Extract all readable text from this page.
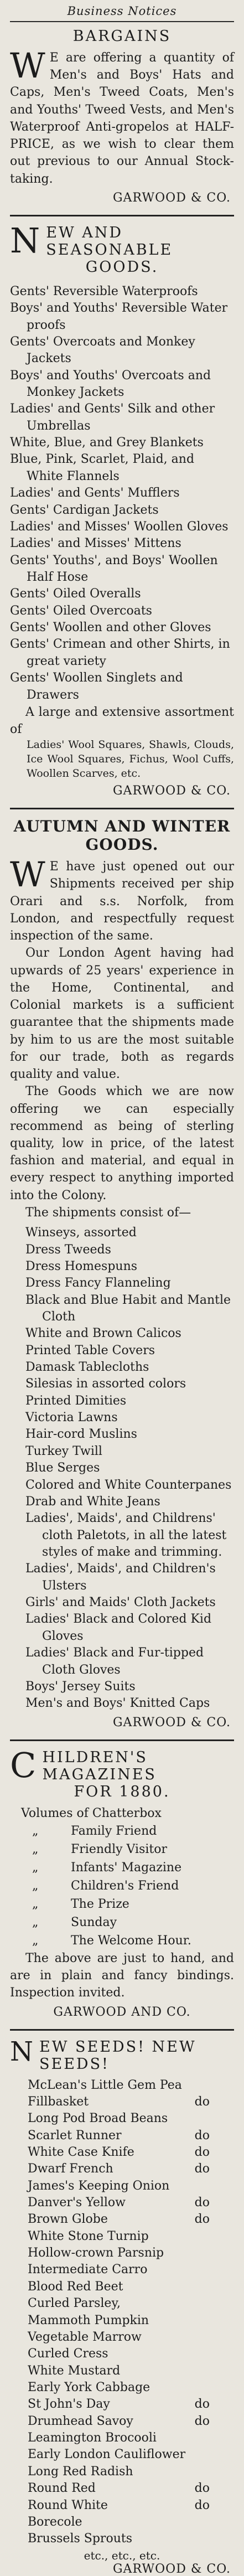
Business Notices
BARGAINS

W E are offering a quantity of Men's and Boys' Hats and Caps, Men's Tweed Coats, Men's and Youths' Tweed Vests, and Men's Waterproof Anti-gropelos at HALF-PRICE, as we wish to clear them out previous to our Annual Stock-taking.

GARWOOD & CO.
N EW AND SEASONABLE

GOODS.
Gents' Reversible Waterproofs
Boys' and Youths' Reversible Water proofs
Gents' Overcoats and Monkey Jackets
Boys' and Youths' Overcoats and Monkey Jackets
Ladies' and Gents' Silk and other Umbrellas
White, Blue, and Grey Blankets
Blue, Pink, Scarlet, Plaid, and White Flannels
Ladies' and Gents' Mufflers
Gents' Cardigan Jackets
Ladies' and Misses' Woollen Gloves
Ladies' and Misses' Mittens
Gents' Youths', and Boys' Woollen Half Hose
Gents' Oiled Overalls
Gents' Oiled Overcoats
Gents' Woollen and other Gloves
Gents' Crimean and other Shirts, in great variety
Gents' Woollen Singlets and Drawers

A large and extensive assortment of

Ladies' Wool Squares, Shawls, Clouds, Ice Wool Squares, Fichus, Wool Cuffs, Woollen Scarves, etc.

GARWOOD & CO.
AUTUMN AND WINTER GOODS.

W E have just opened out our Shipments received per ship Orari and s.s. Norfolk, from London, and respectfully request inspection of the same.

Our London Agent having had upwards of 25 years' experience in the Home, Continental, and Colonial markets is a sufficient guarantee that the shipments made by him to us are the most suitable for our trade, both as regards quality and value.

The Goods which we are now offering we can especially recommend as being of sterling quality, low in price, of the latest fashion and material, and equal in every respect to anything imported into the Colony.

The shipments consist of—

Winseys, assorted
Dress Tweeds
Dress Homespuns
Dress Fancy Flanneling
Black and Blue Habit and Mantle Cloth
White and Brown Calicos
Printed Table Covers
Damask Tablecloths
Silesias in assorted colors
Printed Dimities
Victoria Lawns
Hair-cord Muslins
Turkey Twill
Blue Serges
Colored and White Counterpanes
Drab and White Jeans
Ladies', Maids', and Childrens' cloth Paletots, in all the latest styles of make and trimming.
Ladies', Maids', and Children's Ulsters
Girls' and Maids' Cloth Jackets
Ladies' Black and Colored Kid Gloves
Ladies' Black and Fur-tipped Cloth Gloves
Boys' Jersey Suits
Men's and Boys' Knitted Caps
GARWOOD & CO.
C HILDREN'S MAGAZINES

FOR 1880.

Volumes of Chatterbox

„	Family Friend
„	Friendly Visitor
„	Infants' Magazine
„	Children's Friend
„	The Prize
„	Sunday
„	The Welcome Hour.

The above are just to hand, and are in plain and fancy bindings. Inspection invited.

GARWOOD AND CO.
N EW SEEDS! NEW SEEDS!
McLean's Little Gem Pea
Fillbasket	do
Long Pod Broad Beans
Scarlet Runner	do
White Case Knife	do
Dwarf French	do
James's Keeping Onion
Danver's Yellow	do
Brown Globe	do
White Stone Turnip
Hollow-crown Parsnip
Intermediate Carro
Blood Red Beet
Curled Parsley,
Mammoth Pumpkin
Vegetable Marrow
Curled Cress
White Mustard
Early York Cabbage
St John's Day	do
Drumhead Savoy	do
Leamington Brocooli
Early London Cauliflower
Long Red Radish
Round Red	do
Round White	do
Borecole
Brussels Sprouts
etc., etc., etc.
GARWOOD & CO.
